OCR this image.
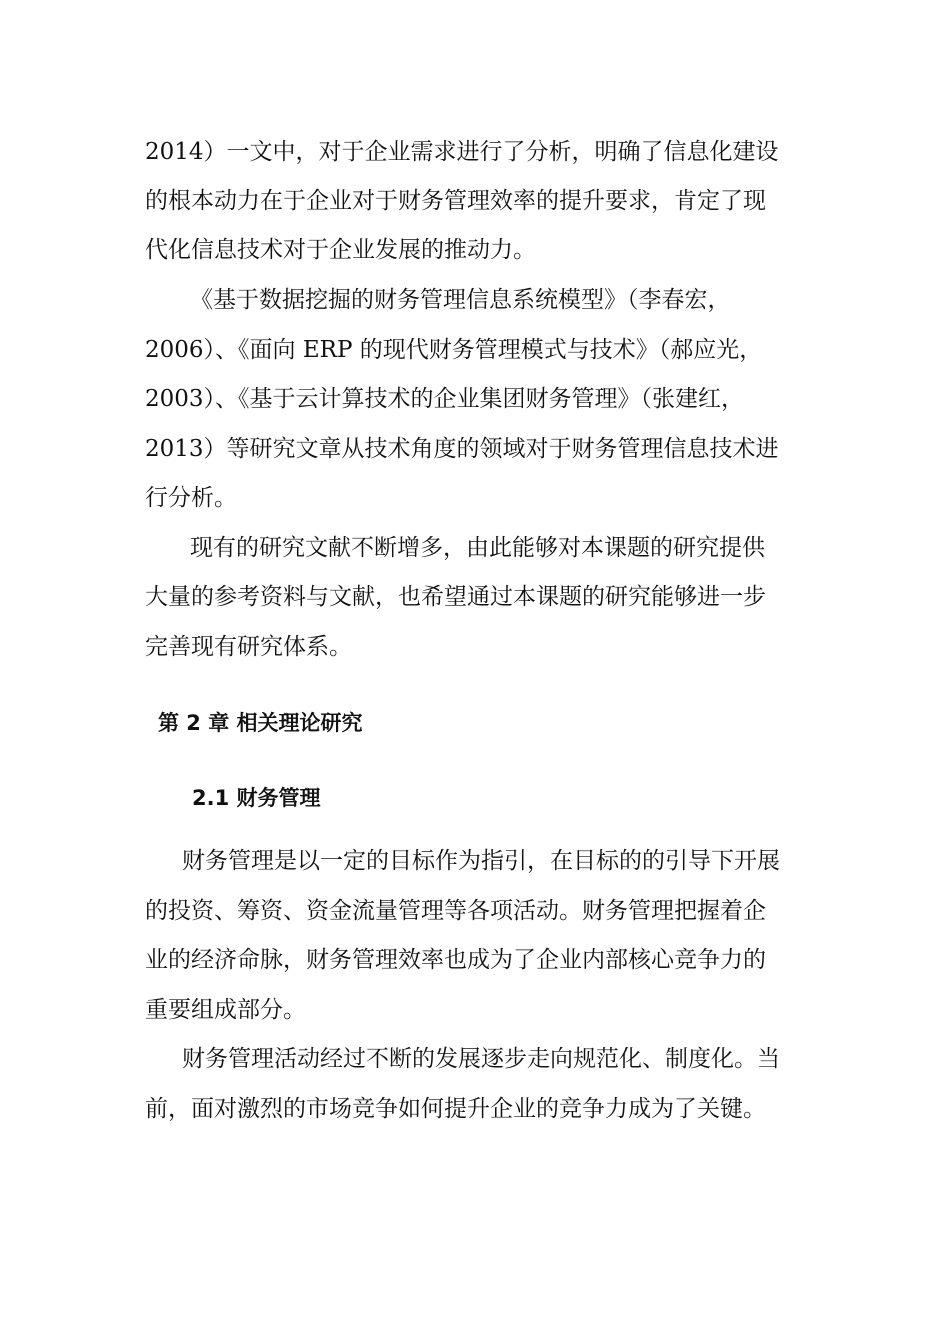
2014）一文中，对于企业需求进行了分析，明确了信息化建设

的根本动力在于企业对于财务管理效率的提升要求，肯定了现

代化信息技术对于企业发展的推动力。

《基于数据挖掘的财务管理信息系统模型》（李春宏，

2006）、《面向 ERP 的现代财务管理模式与技术》（郝应光，

2003）、《基于云计算技术的企业集团财务管理》（张建红，

2013）等研究文章从技术角度的领域对于财务管理信息技术进

行分析。

现有的研究文献不断增多，由此能够对本课题的研究提供

大量的参考资料与文献，也希望通过本课题的研究能够进一步

完善现有研究体系。

第 2 章 相关理论研究
2.1 财务管理

财务管理是以一定的目标作为指引，在目标的的引导下开展

的投资、筹资、资金流量管理等各项活动。财务管理把握着企

业的经济命脉，财务管理效率也成为了企业内部核心竞争力的

重要组成部分。

财务管理活动经过不断的发展逐步走向规范化、制度化。当

前，面对激烈的市场竞争如何提升企业的竞争力成为了关键。
